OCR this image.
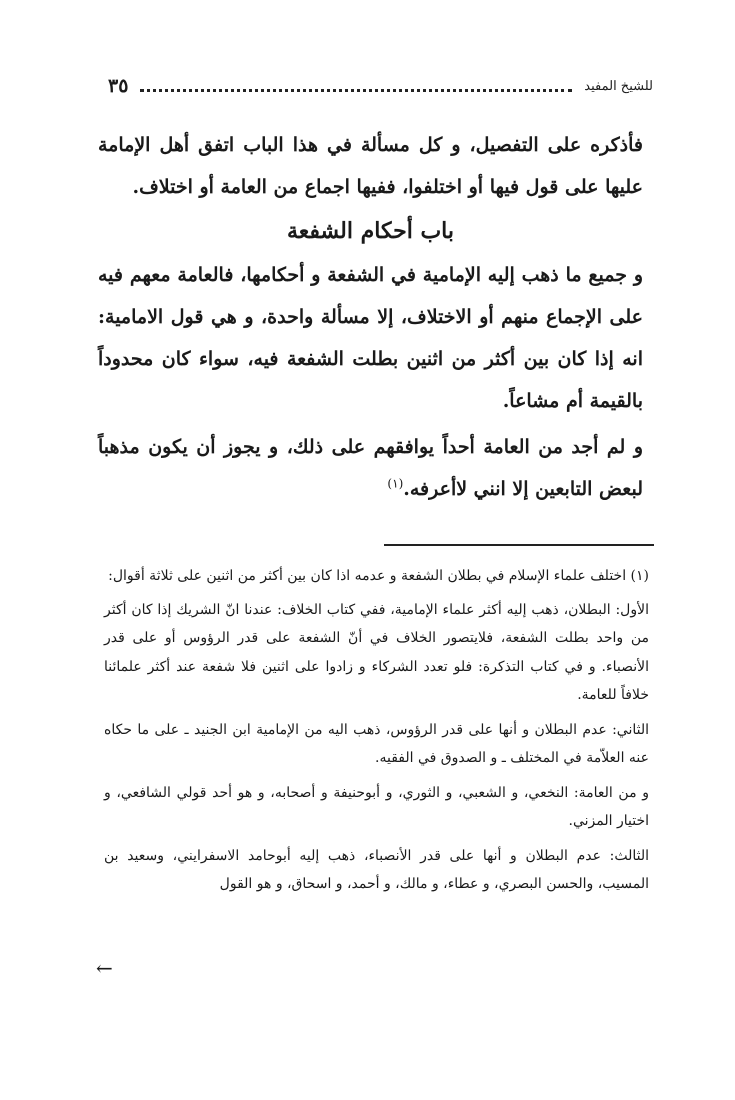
للشيخ المفيد
٣٥

فأذكره على التفصيل، و كل مسألة في هذا الباب اتفق أهل الإمامة عليها على قول فيها أو اختلفوا، ففيها اجماع من العامة أو اختلاف.

باب أحكام الشفعة

و جميع ما ذهب إليه الإمامية في الشفعة و أحكامها، فالعامة معهم فيه على الإجماع منهم أو الاختلاف، إلا مسألة واحدة، و هي قول الامامية: انه إذا كان بين أكثر من اثنين بطلت الشفعة فيه، سواء كان محدوداً بالقيمة أم مشاعاً.

و لم أجد من العامة أحداً يوافقهم على ذلك، و يجوز أن يكون مذهباً لبعض التابعين إلا انني لاأعرفه.$^{(١)}$

(١) اختلف علماء الإسلام في بطلان الشفعة و عدمه اذا كان بين أكثر من اثنين على ثلاثة أقوال:

الأول: البطلان، ذهب إليه أكثر علماء الإمامية، ففي كتاب الخلاف: عندنا انّ الشريك إذا كان أكثر من واحد بطلت الشفعة، فلايتصور الخلاف في أنّ الشفعة على قدر الرؤوس أو على قدر الأنصباء. و في كتاب التذكرة: فلو تعدد الشركاء و زادوا على اثنين فلا شفعة عند أكثر علمائنا خلافاً للعامة.

الثاني: عدم البطلان و أنها على قدر الرؤوس، ذهب اليه من الإمامية ابن الجنيد ـ على ما حكاه عنه العلاّمة في المختلف ـ و الصدوق في الفقيه.

و من العامة: النخعي، و الشعبي، و الثوري، و أبوحنيفة و أصحابه، و هو أحد قولي الشافعي، و اختيار المزني.

الثالث: عدم البطلان و أنها على قدر الأنصباء، ذهب إليه أبوحامد الاسفرايني، وسعيد بن المسيب، والحسن البصري، و عطاء، و مالك، و أحمد، و اسحاق، و هو القول

←
